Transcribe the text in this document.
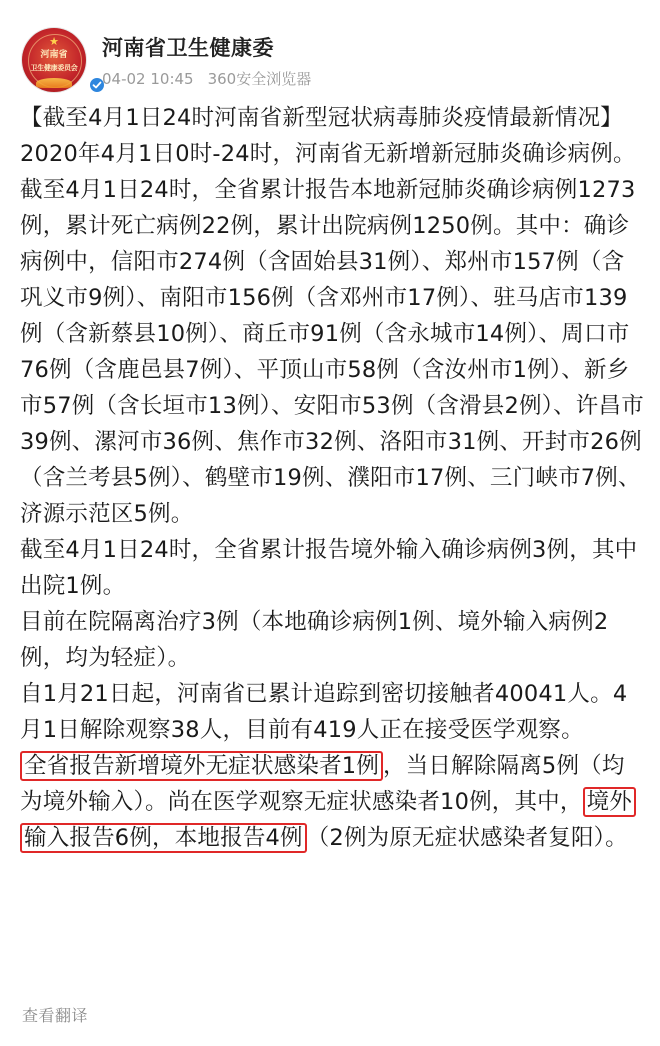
★
河南省
卫生健康委员会
河南省卫生健康委
04-02 10:45 360安全浏览器

【截至4月1日24时河南省新型冠状病毒肺炎疫情最新情况】

2020年4月1日0时-24时，河南省无新增新冠肺炎确诊病例。

截至4月1日24时，全省累计报告本地新冠肺炎确诊病例1273例，累计死亡病例22例，累计出院病例1250例。其中：确诊病例中，信阳市274例（含固始县31例）、郑州市157例（含巩义市9例）、南阳市156例（含邓州市17例）、驻马店市139例（含新蔡县10例）、商丘市91例（含永城市14例）、周口市76例（含鹿邑县7例）、平顶山市58例（含汝州市1例）、新乡市57例（含长垣市13例）、安阳市53例（含滑县2例）、许昌市39例、漯河市36例、焦作市32例、洛阳市31例、开封市26例（含兰考县5例）、鹤壁市19例、濮阳市17例、三门峡市7例、济源示范区5例。

截至4月1日24时，全省累计报告境外输入确诊病例3例，其中出院1例。

目前在院隔离治疗3例（本地确诊病例1例、境外输入病例2例，均为轻症）。

自1月21日起，河南省已累计追踪到密切接触者40041人。4月1日解除观察38人，目前有419人正在接受医学观察。

全省报告新增境外无症状感染者1例 ，当日解除隔离5例（均为境外输入）。尚在医学观察无症状感染者10例，其中， 境外输入报告6例，本地报告4例 （2例为原无症状感染者复阳）。

查看翻译
